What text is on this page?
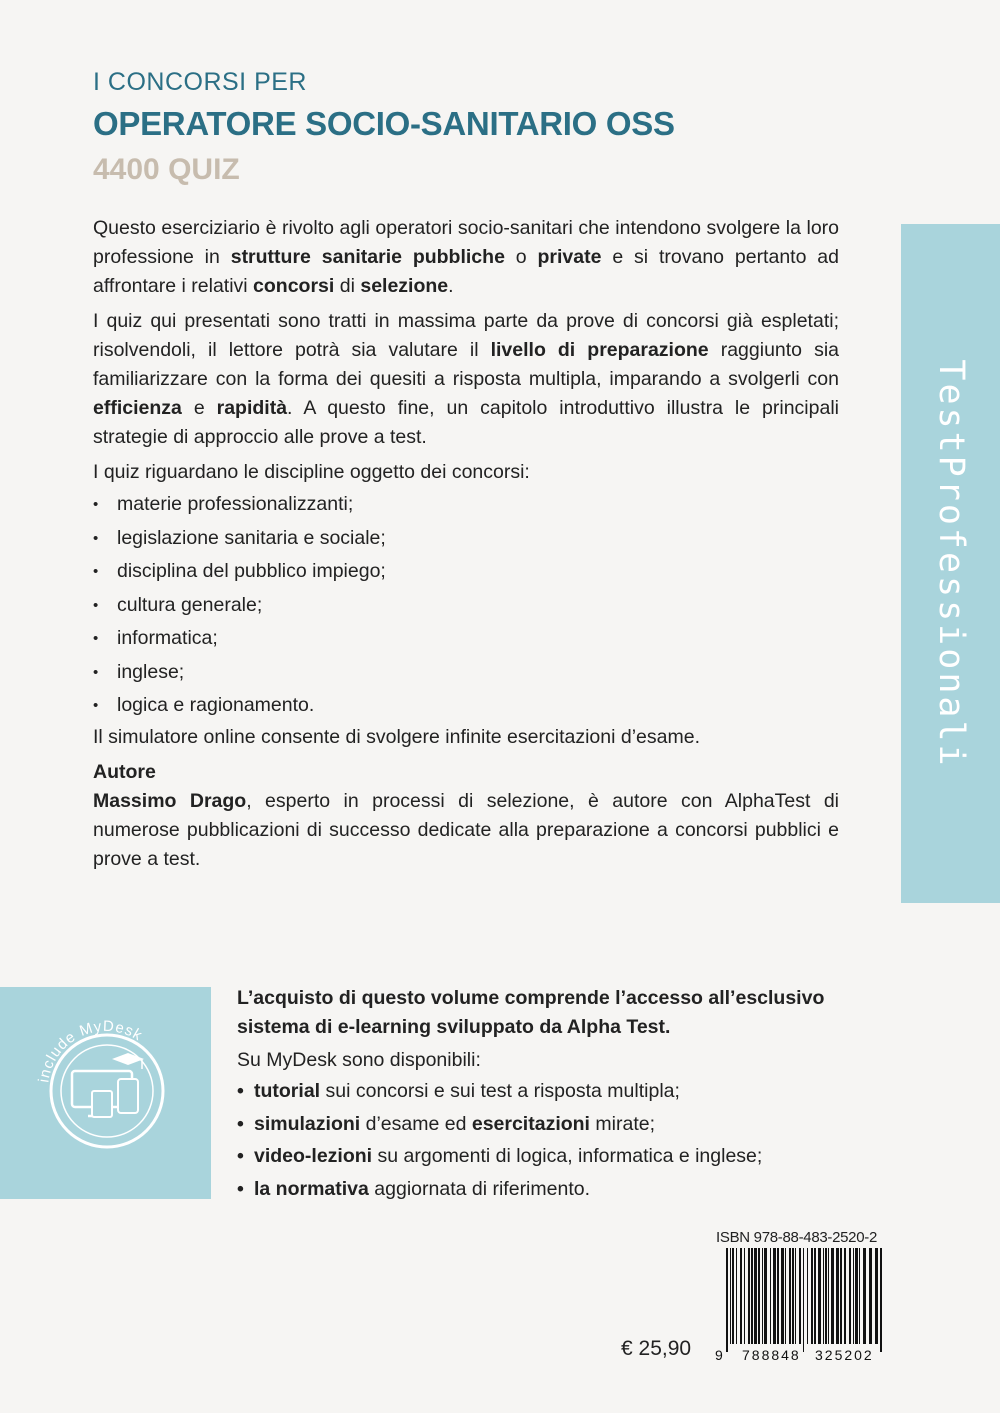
I CONCORSI PER
OPERATORE SOCIO-SANITARIO OSS
4400 QUIZ

Questo eserciziario è rivolto agli operatori socio-sanitari che intendono svolgere la loro professione in strutture sanitarie pubbliche o private e si trovano pertanto ad affrontare i relativi concorsi di selezione.

I quiz qui presentati sono tratti in massima parte da prove di concorsi già espletati; risolvendoli, il lettore potrà sia valutare il livello di preparazione raggiunto sia familiarizzare con la forma dei quesiti a risposta multipla, imparando a svolgerli con efficienza e rapidità. A questo fine, un capitolo introduttivo illustra le principali strategie di approccio alle prove a test.

I quiz riguardano le discipline oggetto dei concorsi:

• materie professionalizzanti;
• legislazione sanitaria e sociale;
• disciplina del pubblico impiego;
• cultura generale;
• informatica;
• inglese;
• logica e ragionamento.

Il simulatore online consente di svolgere infinite esercitazioni d’esame.

Autore

Massimo Drago, esperto in processi di selezione, è autore con AlphaTest di numerose pubblicazioni di successo dedicate alla preparazione a concorsi pubblici e prove a test.

TestProfessionali
include MyDesk

L’acquisto di questo volume comprende l’accesso all’esclusivo sistema di e-learning sviluppato da Alpha Test.

Su MyDesk sono disponibili:

• tutorial sui concorsi e sui test a risposta multipla;
• simulazioni d’esame ed esercitazioni mirate;
• video-lezioni su argomenti di logica, informatica e inglese;
• la normativa aggiornata di riferimento.
ISBN 978-88-483-2520-2
9 788848 325202
€ 25,90
